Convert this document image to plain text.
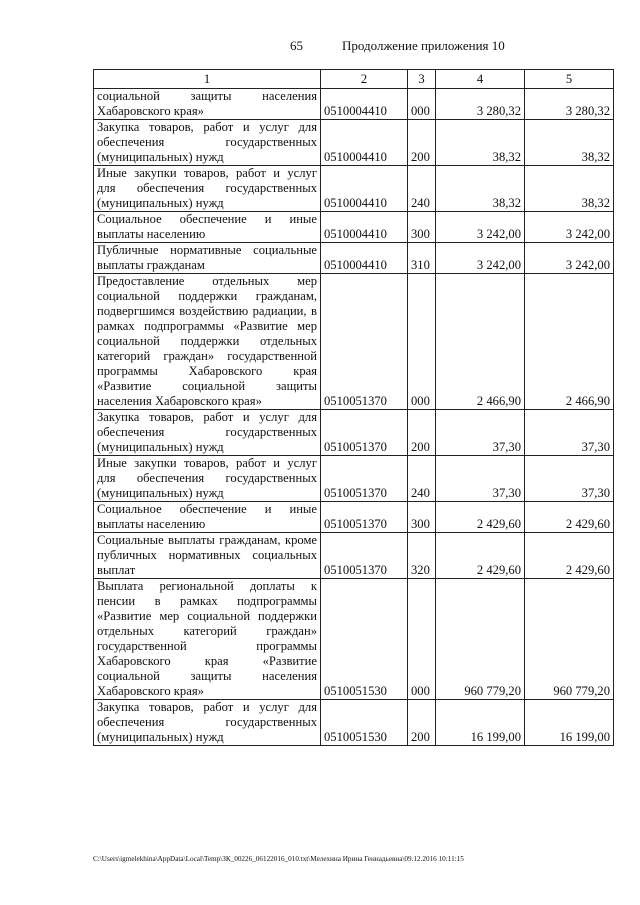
65	Продолжение приложения 10
1	2	3	4	5
социальной защиты населения Хабаровского края»	0510004410	000	3 280,32	3 280,32
Закупка товаров, работ и услуг для обеспечения государственных (муниципальных) нужд	0510004410	200	38,32	38,32
Иные закупки товаров, работ и услуг для обеспечения государственных (муниципальных) нужд	0510004410	240	38,32	38,32
Социальное обеспечение и иные выплаты населению	0510004410	300	3 242,00	3 242,00
Публичные нормативные социальные выплаты гражданам	0510004410	310	3 242,00	3 242,00
Предоставление отдельных мер социальной поддержки гражданам, подвергшимся воздействию радиации, в рамках подпрограммы «Развитие мер социальной поддержки отдельных категорий граждан» государственной программы Хабаровского края «Развитие социальной защиты населения Хабаровского края»	0510051370	000	2 466,90	2 466,90
Закупка товаров, работ и услуг для обеспечения государственных (муниципальных) нужд	0510051370	200	37,30	37,30
Иные закупки товаров, работ и услуг для обеспечения государственных (муниципальных) нужд	0510051370	240	37,30	37,30
Социальное обеспечение и иные выплаты населению	0510051370	300	2 429,60	2 429,60
Социальные выплаты гражданам, кроме публичных нормативных социальных выплат	0510051370	320	2 429,60	2 429,60
Выплата региональной доплаты к пенсии в рамках подпрограммы «Развитие мер социальной поддержки отдельных категорий граждан» государственной программы Хабаровского края «Развитие социальной защиты населения Хабаровского края»	0510051530	000	960 779,20	960 779,20
Закупка товаров, работ и услуг для обеспечения государственных (муниципальных) нужд	0510051530	200	16 199,00	16 199,00
C:\Users\igmelekhina\AppData\Local\Temp\ЗК_00226_06122016_010.txt\Мелехина Ирина Геннадьевна\09.12.2016 10:11:15
